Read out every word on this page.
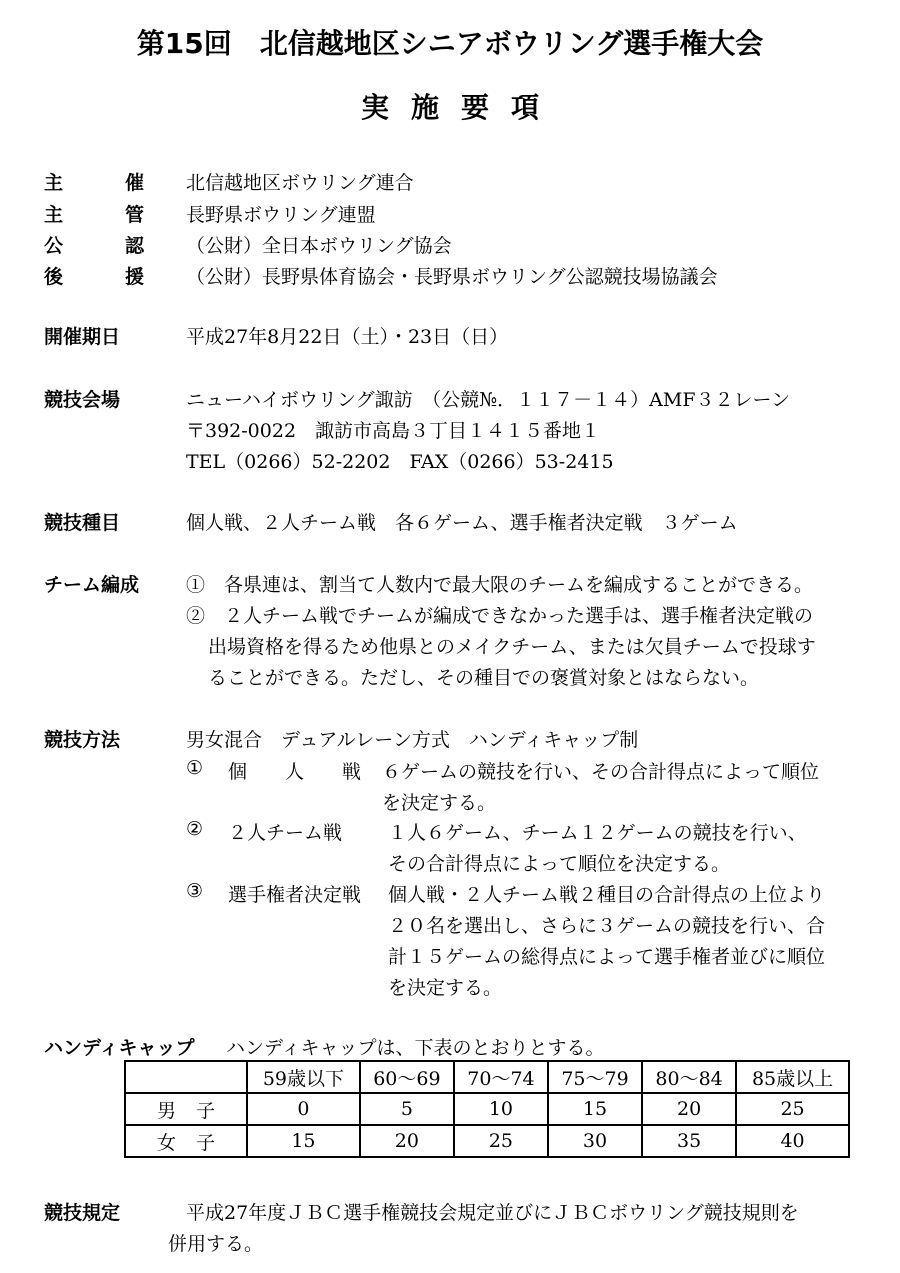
第15回　北信越地区シニアボウリング選手権大会
実施要項
主	催 北信越地区ボウリング連合
主	管 長野県ボウリング連盟
公	認 （公財）全日本ボウリング協会
後	援 （公財）長野県体育協会・長野県ボウリング公認競技場協議会
開催期日	平成27年8月22日（土）・23日（日）
競技会場	ニューハイボウリング諏訪　（公競№．１１７－１４）AMF３２レーン
〒392-0022　諏訪市高島３丁目１４１５番地１
TEL（0266）52-2202　FAX（0266）53-2415
競技種目	個人戦、２人チーム戦　各６ゲーム、選手権者決定戦　３ゲーム
チーム編成 ①　各県連は、割当て人数内で最大限のチームを編成することができる。
②　２人チーム戦でチームが編成できなかった選手は、選手権者決定戦の
出場資格を得るため他県とのメイクチーム、または欠員チームで投球す
ることができる。ただし、その種目での褒賞対象とはならない。
競技方法	男女混合　デュアルレーン方式　ハンディキャップ制
① 個　　人　　戦 ６ゲームの競技を行い、その合計得点によって順位
を決定する。
② ２人チーム戦 １人６ゲーム、チーム１２ゲームの競技を行い、
その合計得点によって順位を決定する。
③ 選手権者決定戦 個人戦・２人チーム戦２種目の合計得点の上位より
２０名を選出し、さらに３ゲームの競技を行い、合
計１５ゲームの総得点によって選手権者並びに順位
を決定する。
ハンディキャップ ハンディキャップは、下表のとおりとする。
	59歳以下	60～69	70～74	75～79	80～84	85歳以上
男子	0	5	10	15	20	25
女子	15	20	25	30	35	40
競技規定	平成27年度ＪＢＣ選手権競技会規定並びにＪＢＣボウリング競技規則を
併用する。
